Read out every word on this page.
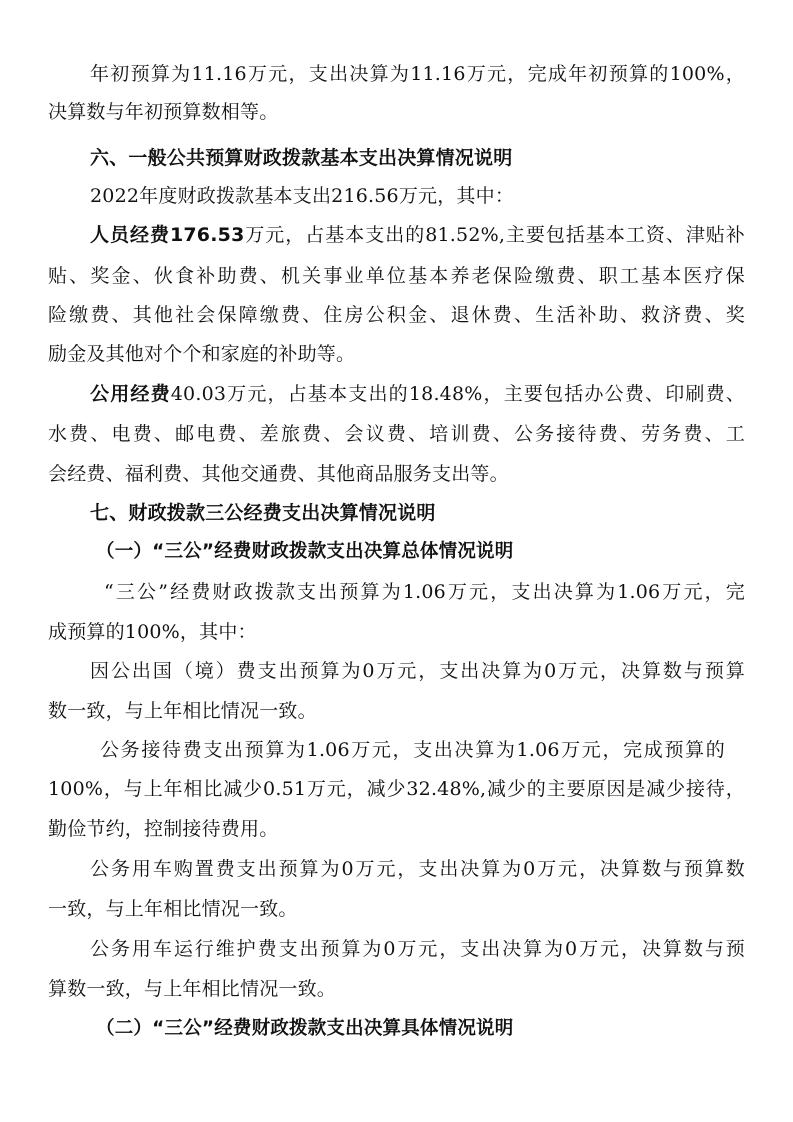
年初预算为11.16万元，支出决算为11.16万元，完成年初预算的100%，
决算数与年初预算数相等。
六、一般公共预算财政拨款基本支出决算情况说明
2022年度财政拨款基本支出216.56万元，其中：
人员经费176.53万元，占基本支出的81.52%,主要包括基本工资、津贴补
贴、奖金、伙食补助费、机关事业单位基本养老保险缴费、职工基本医疗保
险缴费、其他社会保障缴费、住房公积金、退休费、生活补助、救济费、奖
励金及其他对个个和家庭的补助等。
公用经费40.03万元，占基本支出的18.48%，主要包括办公费、印刷费、
水费、电费、邮电费、差旅费、会议费、培训费、公务接待费、劳务费、工
会经费、福利费、其他交通费、其他商品服务支出等。
七、财政拨款三公经费支出决算情况说明
（一）“三公”经费财政拨款支出决算总体情况说明
“三公”经费财政拨款支出预算为1.06万元，支出决算为1.06万元，完
成预算的100%，其中：
因公出国（境）费支出预算为0万元，支出决算为0万元，决算数与预算
数一致，与上年相比情况一致。
公务接待费支出预算为1.06万元，支出决算为1.06万元，完成预算的
100%，与上年相比减少0.51万元，减少32.48%,减少的主要原因是减少接待，
勤俭节约，控制接待费用。
公务用车购置费支出预算为0万元，支出决算为0万元，决算数与预算数
一致，与上年相比情况一致。
公务用车运行维护费支出预算为0万元，支出决算为0万元，决算数与预
算数一致，与上年相比情况一致。
（二）“三公”经费财政拨款支出决算具体情况说明
